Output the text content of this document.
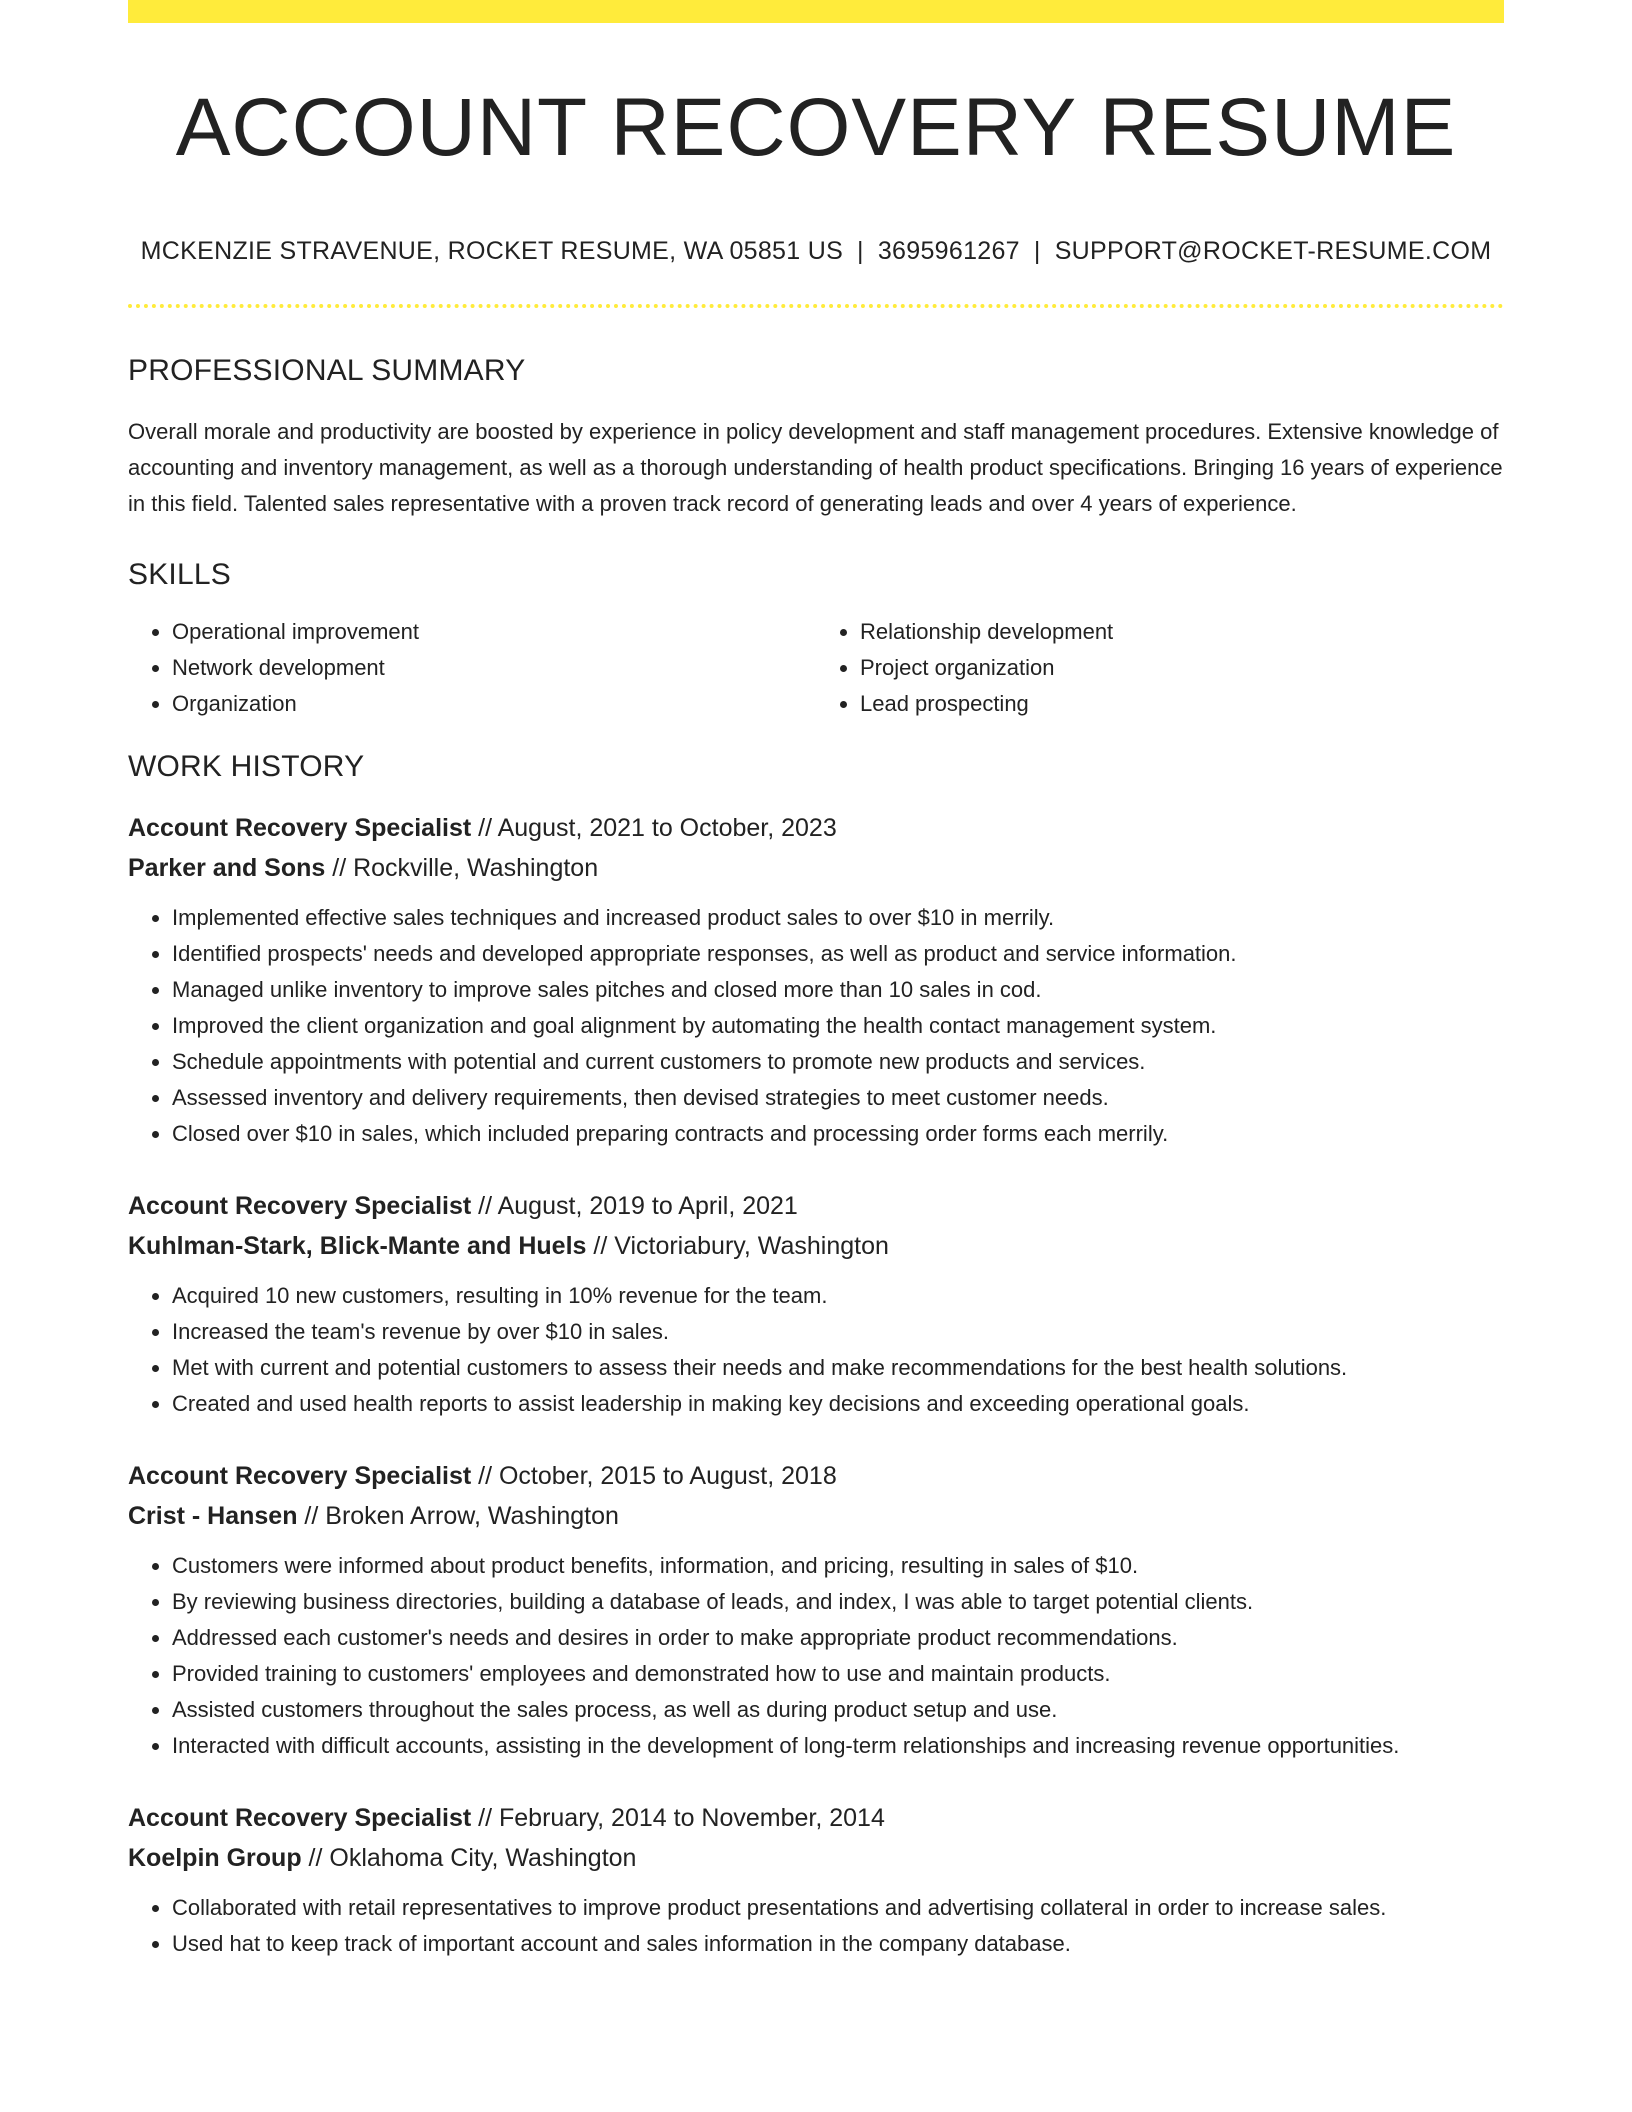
ACCOUNT RECOVERY RESUME
MCKENZIE STRAVENUE, ROCKET RESUME, WA 05851 US | 3695961267 | SUPPORT@ROCKET-RESUME.COM
PROFESSIONAL SUMMARY

Overall morale and productivity are boosted by experience in policy development and staff management procedures. Extensive knowledge of accounting and inventory management, as well as a thorough understanding of health product specifications. Bringing 16 years of experience in this field. Talented sales representative with a proven track record of generating leads and over 4 years of experience.

SKILLS
• Operational improvement
• Network development
• Organization
• Relationship development
• Project organization
• Lead prospecting
WORK HISTORY
Account Recovery Specialist // August, 2021 to October, 2023
Parker and Sons // Rockville, Washington
• Implemented effective sales techniques and increased product sales to over $10 in merrily.
• Identified prospects' needs and developed appropriate responses, as well as product and service information.
• Managed unlike inventory to improve sales pitches and closed more than 10 sales in cod.
• Improved the client organization and goal alignment by automating the health contact management system.
• Schedule appointments with potential and current customers to promote new products and services.
• Assessed inventory and delivery requirements, then devised strategies to meet customer needs.
• Closed over $10 in sales, which included preparing contracts and processing order forms each merrily.
Account Recovery Specialist // August, 2019 to April, 2021
Kuhlman-Stark, Blick-Mante and Huels // Victoriabury, Washington
• Acquired 10 new customers, resulting in 10% revenue for the team.
• Increased the team's revenue by over $10 in sales.
• Met with current and potential customers to assess their needs and make recommendations for the best health solutions.
• Created and used health reports to assist leadership in making key decisions and exceeding operational goals.
Account Recovery Specialist // October, 2015 to August, 2018
Crist - Hansen // Broken Arrow, Washington
• Customers were informed about product benefits, information, and pricing, resulting in sales of $10.
• By reviewing business directories, building a database of leads, and index, I was able to target potential clients.
• Addressed each customer's needs and desires in order to make appropriate product recommendations.
• Provided training to customers' employees and demonstrated how to use and maintain products.
• Assisted customers throughout the sales process, as well as during product setup and use.
• Interacted with difficult accounts, assisting in the development of long-term relationships and increasing revenue opportunities.
Account Recovery Specialist // February, 2014 to November, 2014
Koelpin Group // Oklahoma City, Washington
• Collaborated with retail representatives to improve product presentations and advertising collateral in order to increase sales.
• Used hat to keep track of important account and sales information in the company database.
